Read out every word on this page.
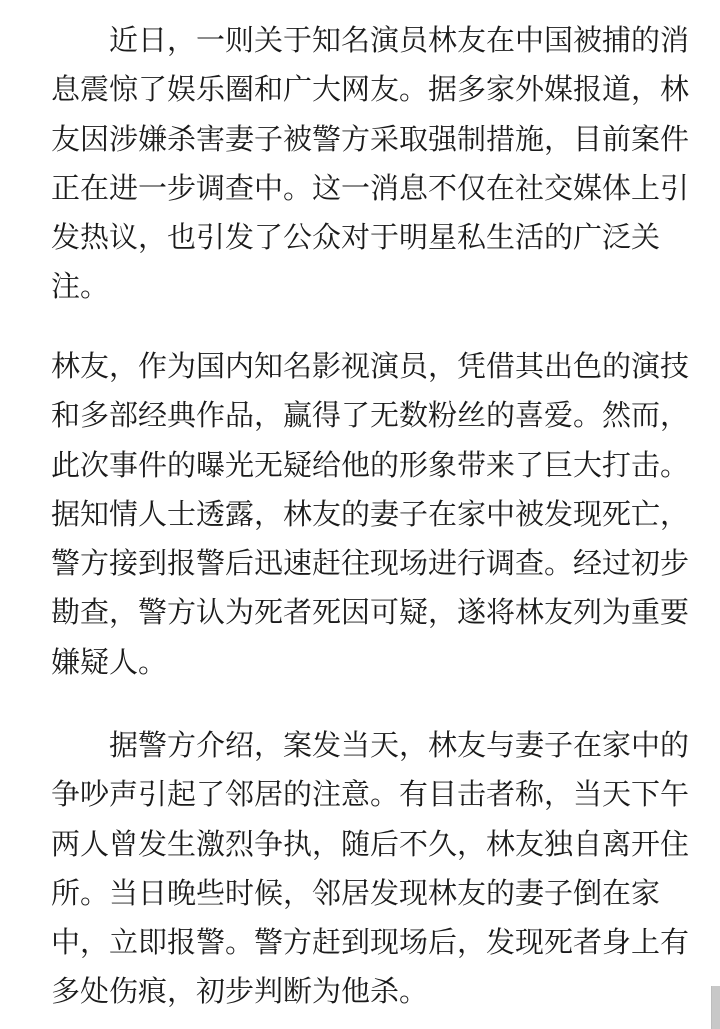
近日，一则关于知名演员林友在中国被捕的消
息震惊了娱乐圈和广大网友。据多家外媒报道，林
友因涉嫌杀害妻子被警方采取强制措施，目前案件
正在进一步调查中。这一消息不仅在社交媒体上引
发热议，也引发了公众对于明星私生活的广泛关
注。
林友，作为国内知名影视演员，凭借其出色的演技
和多部经典作品，赢得了无数粉丝的喜爱。然而，
此次事件的曝光无疑给他的形象带来了巨大打击。
据知情人士透露，林友的妻子在家中被发现死亡，
警方接到报警后迅速赶往现场进行调查。经过初步
勘查，警方认为死者死因可疑，遂将林友列为重要
嫌疑人。
据警方介绍，案发当天，林友与妻子在家中的
争吵声引起了邻居的注意。有目击者称，当天下午
两人曾发生激烈争执，随后不久，林友独自离开住
所。当日晚些时候，邻居发现林友的妻子倒在家
中，立即报警。警方赶到现场后，发现死者身上有
多处伤痕，初步判断为他杀。
